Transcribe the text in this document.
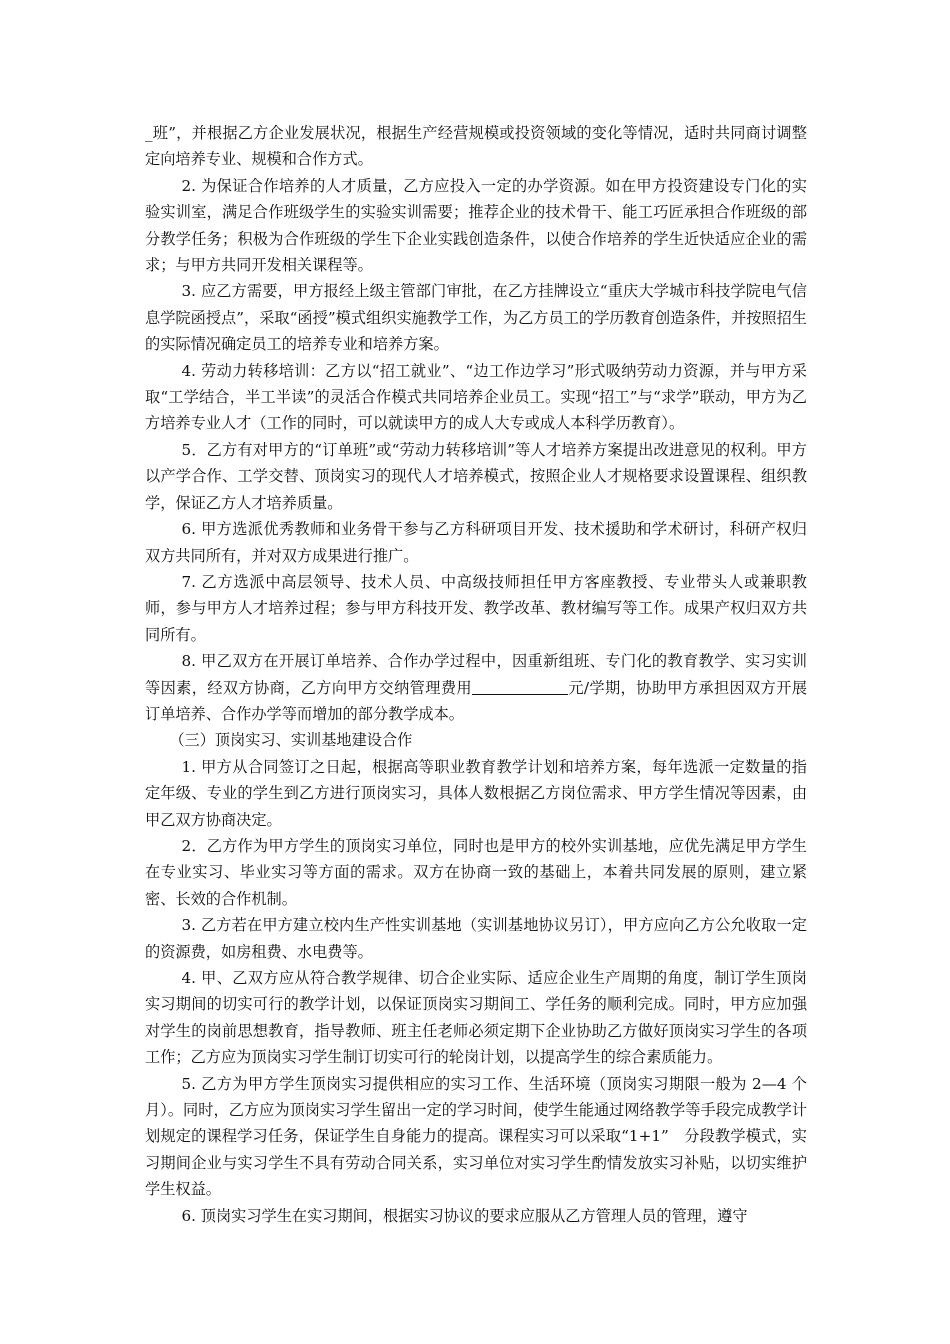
_班”，并根据乙方企业发展状况，根据生产经营规模或投资领域的变化等情况，适时共同商讨调整定向培养专业、规模和合作方式。

2. 为保证合作培养的人才质量，乙方应投入一定的办学资源。如在甲方投资建设专门化的实验实训室，满足合作班级学生的实验实训需要；推荐企业的技术骨干、能工巧匠承担合作班级的部分教学任务；积极为合作班级的学生下企业实践创造条件，以使合作培养的学生近快适应企业的需求；与甲方共同开发相关课程等。

3. 应乙方需要，甲方报经上级主管部门审批，在乙方挂牌设立“重庆大学城市科技学院电气信息学院函授点”，采取“函授”模式组织实施教学工作，为乙方员工的学历教育创造条件，并按照招生的实际情况确定员工的培养专业和培养方案。

4. 劳动力转移培训：乙方以“招工就业”、“边工作边学习”形式吸纳劳动力资源，并与甲方采取“工学结合，半工半读”的灵活合作模式共同培养企业员工。实现“招工”与“求学”联动，甲方为乙方培养专业人才（工作的同时，可以就读甲方的成人大专或成人本科学历教育）。

5．乙方有对甲方的“订单班”或“劳动力转移培训”等人才培养方案提出改进意见的权利。甲方以产学合作、工学交替、顶岗实习的现代人才培养模式，按照企业人才规格要求设置课程、组织教学，保证乙方人才培养质量。

6. 甲方选派优秀教师和业务骨干参与乙方科研项目开发、技术援助和学术研讨，科研产权归双方共同所有，并对双方成果进行推广。

7. 乙方选派中高层领导、技术人员、中高级技师担任甲方客座教授、专业带头人或兼职教师，参与甲方人才培养过程；参与甲方科技开发、教学改革、教材编写等工作。成果产权归双方共同所有。

8. 甲乙双方在开展订单培养、合作办学过程中，因重新组班、专门化的教育教学、实习实训等因素，经双方协商，乙方向甲方交纳管理费用	元/学期，协助甲方承担因双方开展订单培养、合作办学等而增加的部分教学成本。

（三）顶岗实习、实训基地建设合作

1. 甲方从合同签订之日起，根据高等职业教育教学计划和培养方案，每年选派一定数量的指定年级、专业的学生到乙方进行顶岗实习，具体人数根据乙方岗位需求、甲方学生情况等因素，由甲乙双方协商决定。

2．乙方作为甲方学生的顶岗实习单位，同时也是甲方的校外实训基地，应优先满足甲方学生在专业实习、毕业实习等方面的需求。双方在协商一致的基础上，本着共同发展的原则，建立紧密、长效的合作机制。

3. 乙方若在甲方建立校内生产性实训基地（实训基地协议另订），甲方应向乙方公允收取一定的资源费，如房租费、水电费等。

4. 甲、乙双方应从符合教学规律、切合企业实际、适应企业生产周期的角度，制订学生顶岗实习期间的切实可行的教学计划，以保证顶岗实习期间工、学任务的顺利完成。同时，甲方应加强对学生的岗前思想教育，指导教师、班主任老师必须定期下企业协助乙方做好顶岗实习学生的各项工作；乙方应为顶岗实习学生制订切实可行的轮岗计划，以提高学生的综合素质能力。

5. 乙方为甲方学生顶岗实习提供相应的实习工作、生活环境（顶岗实习期限一般为 2—4 个月）。同时，乙方应为顶岗实习学生留出一定的学习时间，使学生能通过网络教学等手段完成教学计划规定的课程学习任务，保证学生自身能力的提高。课程实习可以采取“1+1”　分段教学模式，实习期间企业与实习学生不具有劳动合同关系，实习单位对实习学生酌情发放实习补贴，以切实维护学生权益。

6. 顶岗实习学生在实习期间，根据实习协议的要求应服从乙方管理人员的管理，遵守
